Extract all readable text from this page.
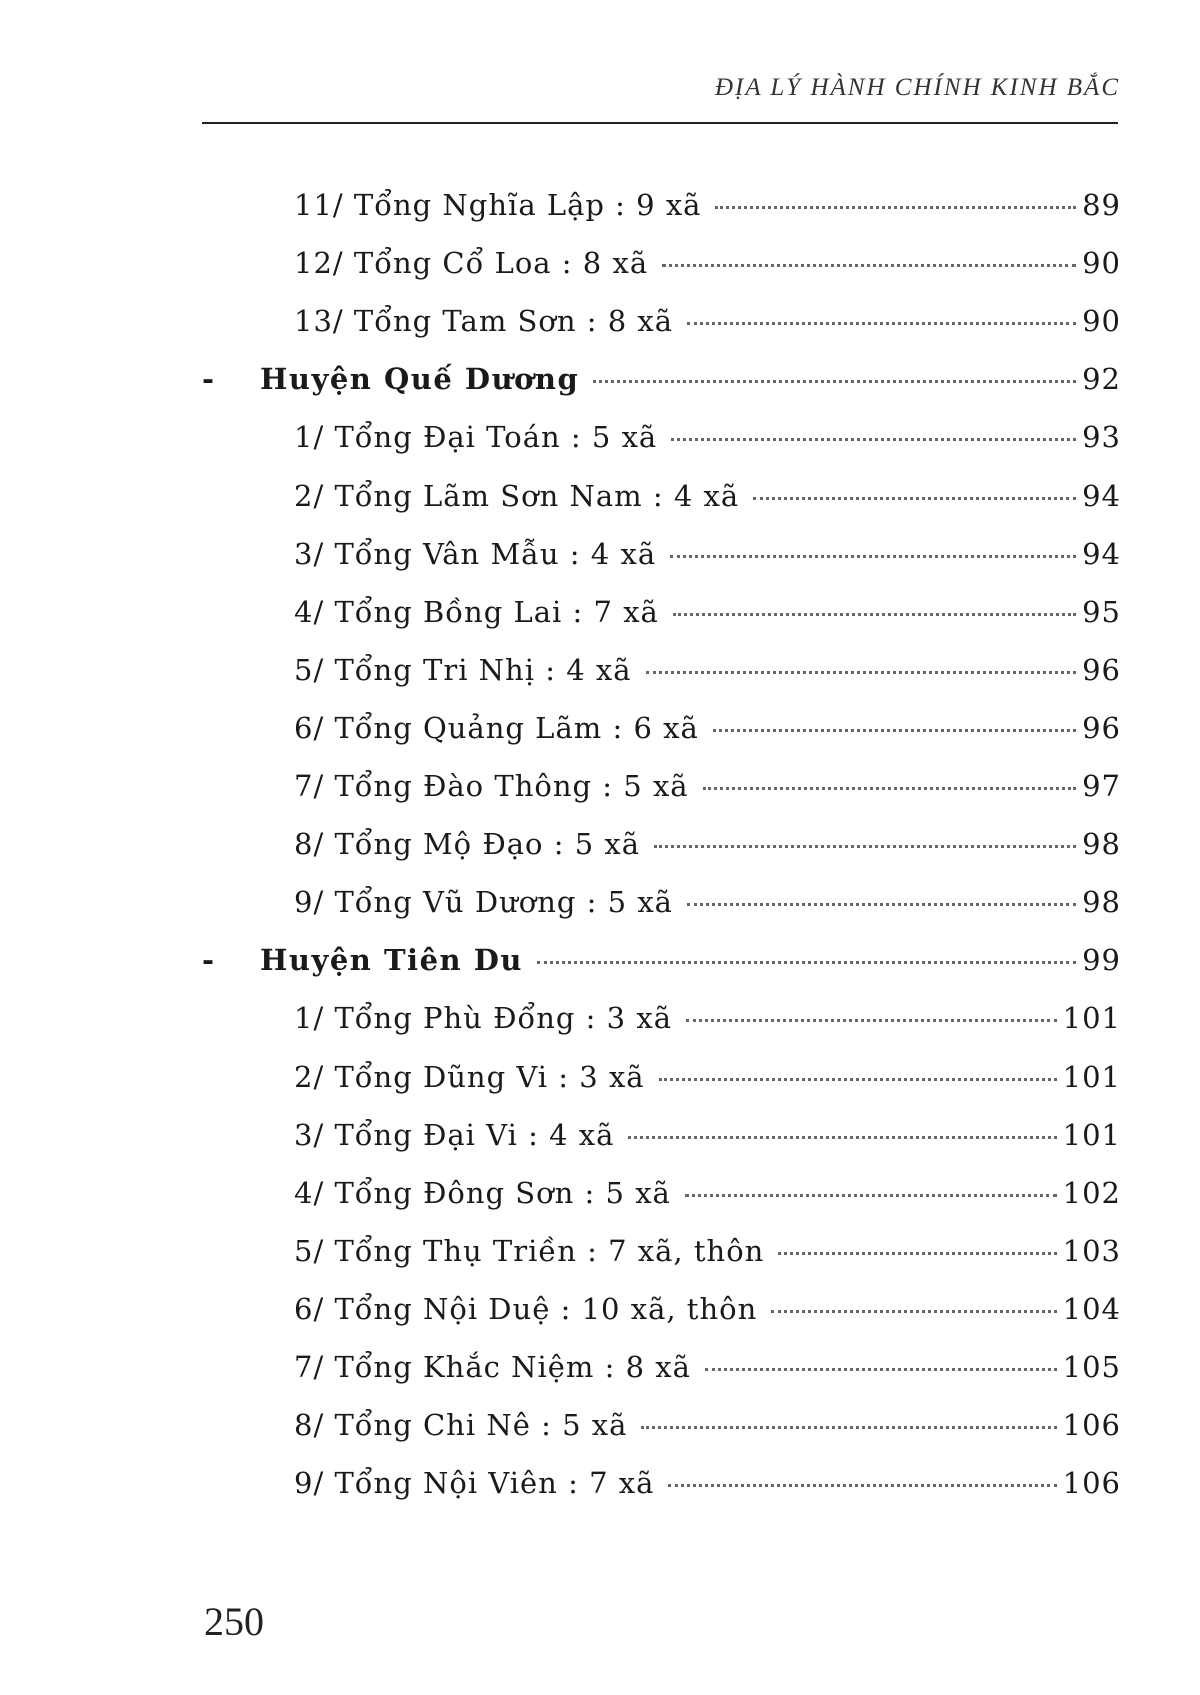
ĐỊA LÝ HÀNH CHÍNH KINH BẮC
11/ Tổng Nghĩa Lập : 9 xã	89
12/ Tổng Cổ Loa : 8 xã	90
13/ Tổng Tam Sơn : 8 xã	90
-	Huyện Quế Dương	92
1/ Tổng Đại Toán : 5 xã	93
2/ Tổng Lãm Sơn Nam : 4 xã	94
3/ Tổng Vân Mẫu : 4 xã	94
4/ Tổng Bồng Lai : 7 xã	95
5/ Tổng Tri Nhị : 4 xã	96
6/ Tổng Quảng Lãm : 6 xã	96
7/ Tổng Đào Thông : 5 xã	97
8/ Tổng Mộ Đạo : 5 xã	98
9/ Tổng Vũ Dương : 5 xã	98
-	Huyện Tiên Du	99
1/ Tổng Phù Đổng : 3 xã	101
2/ Tổng Dũng Vi : 3 xã	101
3/ Tổng Đại Vi : 4 xã	101
4/ Tổng Đông Sơn : 5 xã	102
5/ Tổng Thụ Triền : 7 xã, thôn	103
6/ Tổng Nội Duệ : 10 xã, thôn	104
7/ Tổng Khắc Niệm : 8 xã	105
8/ Tổng Chi Nê : 5 xã	106
9/ Tổng Nội Viên : 7 xã	106
250
